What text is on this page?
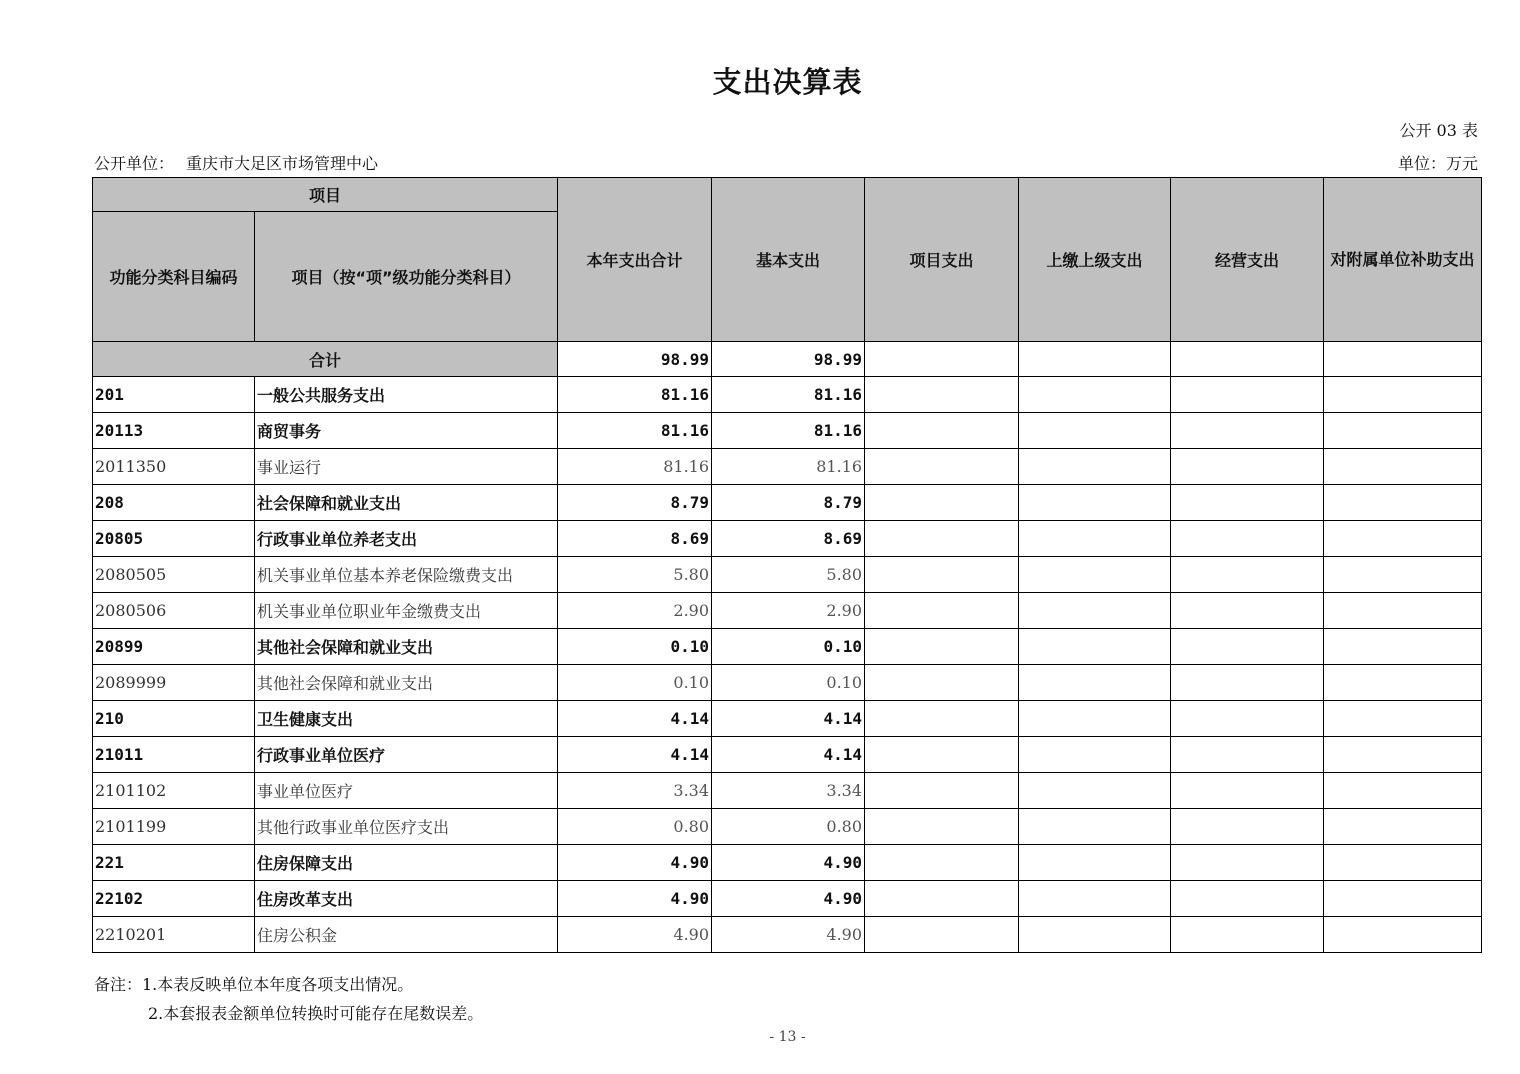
支出决算表
公开 03 表
公开单位： 重庆市大足区市场管理中心	单位：万元
项目		本年支出合计	基本支出	项目支出	上缴上级支出	经营支出	对附属单位补助支出
功能分类科目编码	项目（按“项”级功能分类科目）						
合计		98.99	98.99				
201	一般公共服务支出	81.16	81.16				
20113	商贸事务	81.16	81.16				
2011350	事业运行	81.16	81.16				
208	社会保障和就业支出	8.79	8.79				
20805	行政事业单位养老支出	8.69	8.69				
2080505	机关事业单位基本养老保险缴费支出	5.80	5.80				
2080506	机关事业单位职业年金缴费支出	2.90	2.90				
20899	其他社会保障和就业支出	0.10	0.10				
2089999	其他社会保障和就业支出	0.10	0.10				
210	卫生健康支出	4.14	4.14				
21011	行政事业单位医疗	4.14	4.14				
2101102	事业单位医疗	3.34	3.34				
2101199	其他行政事业单位医疗支出	0.80	0.80				
221	住房保障支出	4.90	4.90				
22102	住房改革支出	4.90	4.90				
2210201	住房公积金	4.90	4.90				
备注：1.本表反映单位本年度各项支出情况。
2.本套报表金额单位转换时可能存在尾数误差。
- 13 -
